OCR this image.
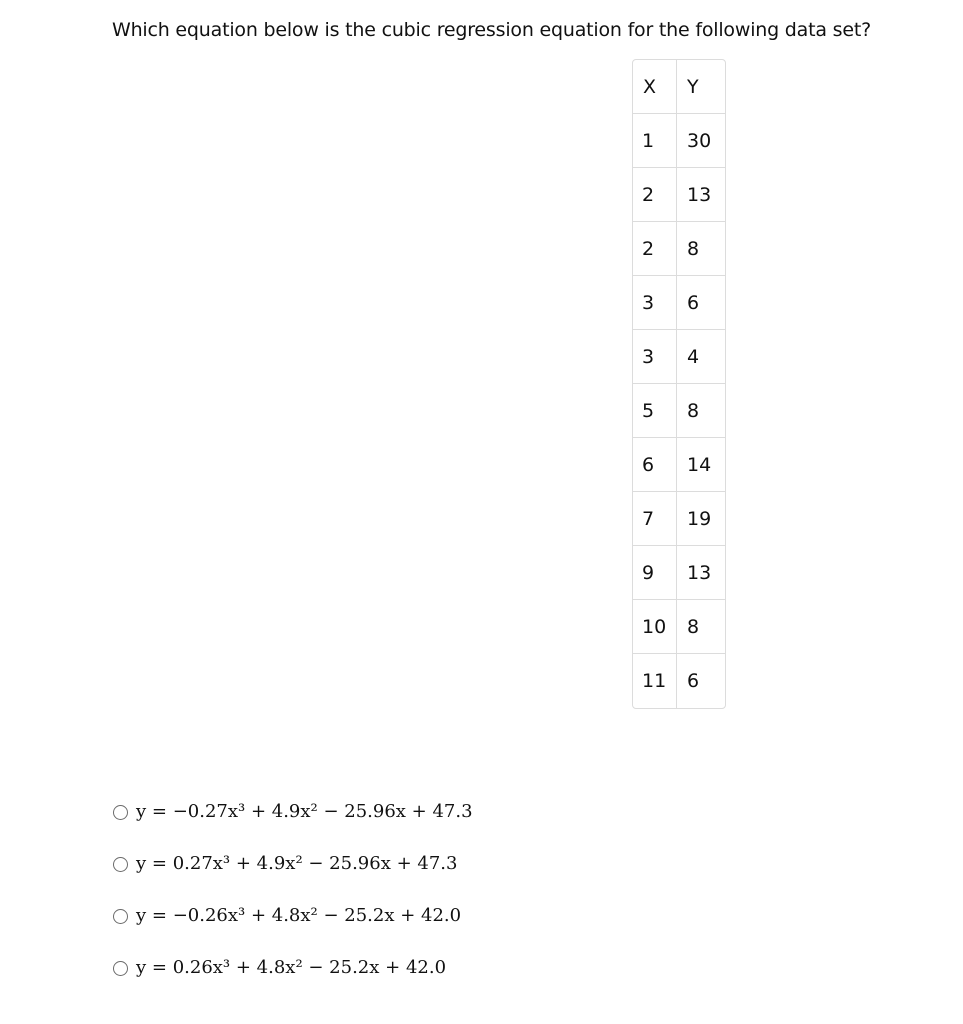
Which equation below is the cubic regression equation for the following data set?
X	Y
1	30
2	13
2	8
3	6
3	4
5	8
6	14
7	19
9	13
10	8
11	6
y = −0.27x³ + 4.9x² − 25.96x + 47.3
y = 0.27x³ + 4.9x² − 25.96x + 47.3
y = −0.26x³ + 4.8x² − 25.2x + 42.0
y = 0.26x³ + 4.8x² − 25.2x + 42.0
